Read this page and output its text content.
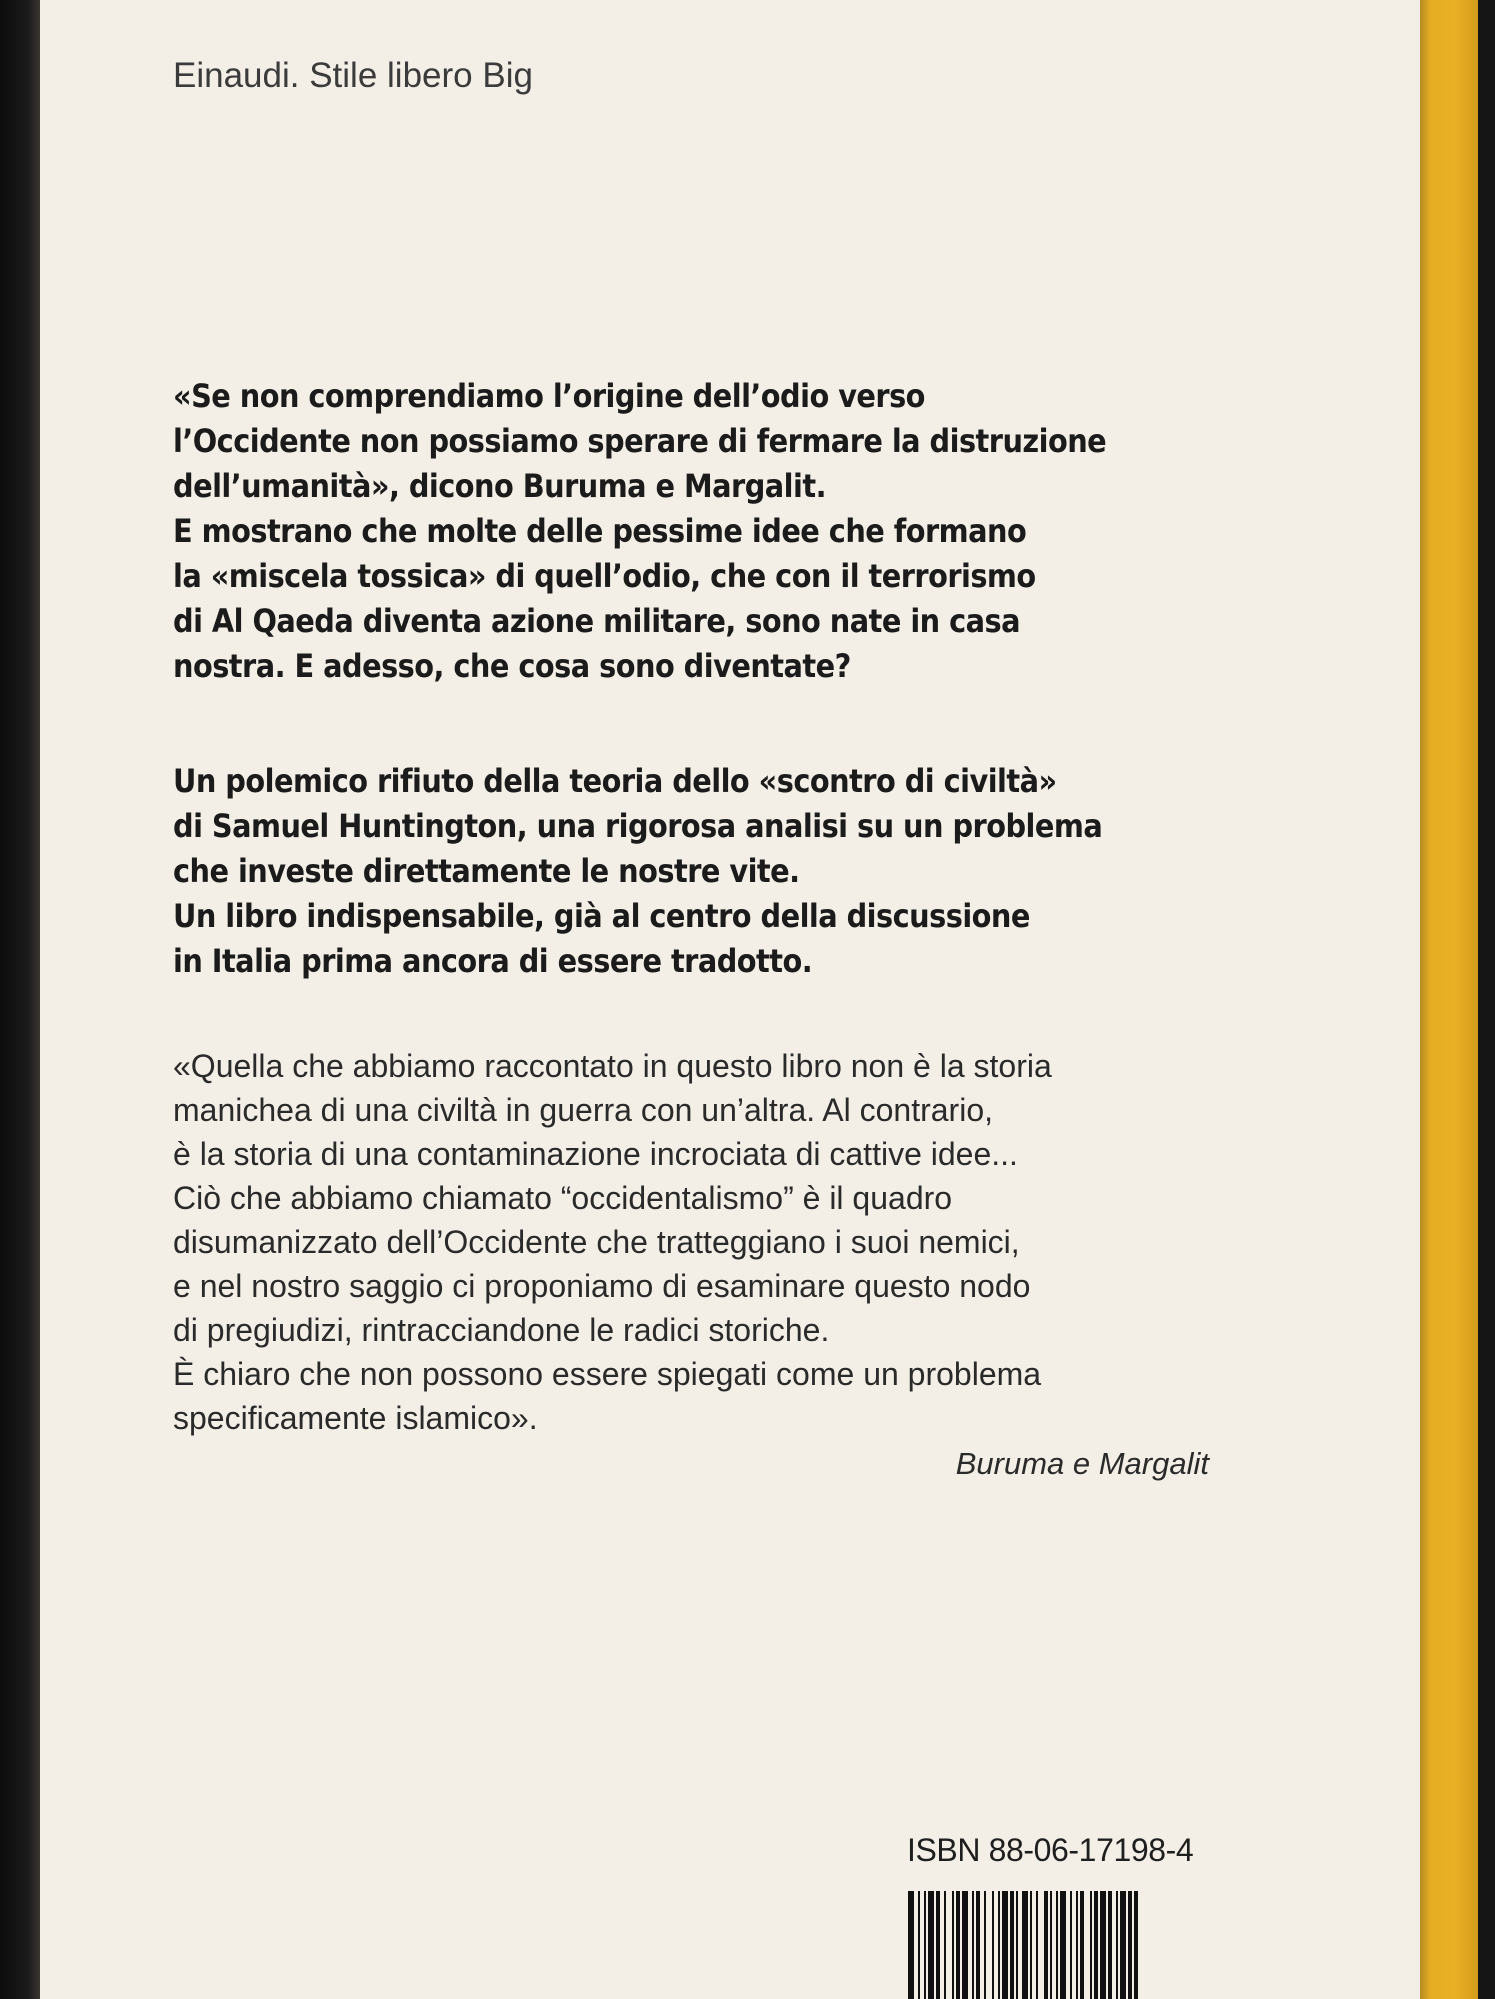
Einaudi. Stile libero Big

«Se non comprendiamo l’origine dell’odio verso
l’Occidente non possiamo sperare di fermare la distruzione
dell’umanità», dicono Buruma e Margalit.
E mostrano che molte delle pessime idee che formano
la «miscela tossica» di quell’odio, che con il terrorismo
di Al Qaeda diventa azione militare, sono nate in casa
nostra. E adesso, che cosa sono diventate?

Un polemico rifiuto della teoria dello «scontro di civiltà»
di Samuel Huntington, una rigorosa analisi su un problema
che investe direttamente le nostre vite.
Un libro indispensabile, già al centro della discussione
in Italia prima ancora di essere tradotto.

«Quella che abbiamo raccontato in questo libro non è la storia
manichea di una civiltà in guerra con un’altra. Al contrario,
è la storia di una contaminazione incrociata di cattive idee...
Ciò che abbiamo chiamato “occidentalismo” è il quadro
disumanizzato dell’Occidente che tratteggiano i suoi nemici,
e nel nostro saggio ci proponiamo di esaminare questo nodo
di pregiudizi, rintracciandone le radici storiche.
È chiaro che non possono essere spiegati come un problema
specificamente islamico».

Buruma e Margalit
ISBN 88-06-17198-4
